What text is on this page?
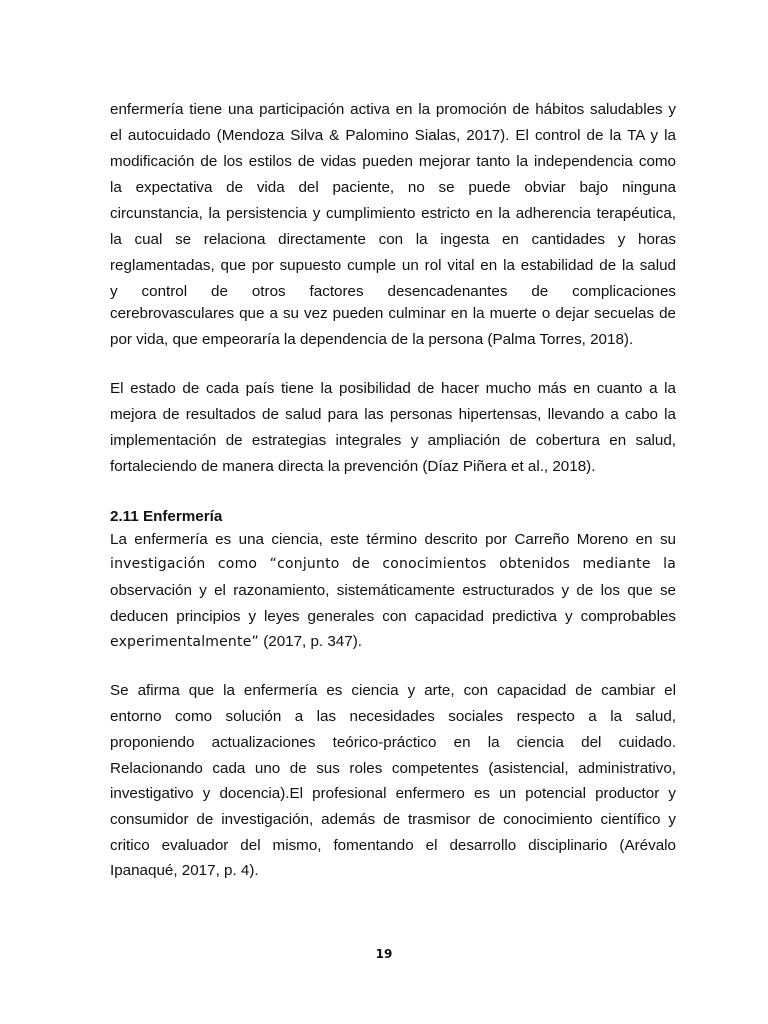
enfermería tiene una participación activa en la promoción de hábitos saludables y
el autocuidado (Mendoza Silva & Palomino Sialas, 2017). El control de la TA y la
modificación de los estilos de vidas pueden mejorar tanto la independencia como
la expectativa de vida del paciente, no se puede obviar bajo ninguna
circunstancia, la persistencia y cumplimiento estricto en la adherencia terapéutica,
la cual se relaciona directamente con la ingesta en cantidades y horas
reglamentadas, que por supuesto cumple un rol vital en la estabilidad de la salud
y control de otros factores desencadenantes de complicaciones
cerebrovasculares que a su vez pueden culminar en la muerte o dejar secuelas de
por vida, que empeoraría la dependencia de la persona (Palma Torres, 2018).
El estado de cada país tiene la posibilidad de hacer mucho más en cuanto a la
mejora de resultados de salud para las personas hipertensas, llevando a cabo la
implementación de estrategias integrales y ampliación de cobertura en salud,
fortaleciendo de manera directa la prevención (Díaz Piñera et al., 2018).
2.11 Enfermería
La enfermería es una ciencia, este término descrito por Carreño Moreno en su
investigación como “conjunto de conocimientos obtenidos mediante la
observación y el razonamiento, sistemáticamente estructurados y de los que se
deducen principios y leyes generales con capacidad predictiva y comprobables
experimentalmente” (2017, p. 347).
Se afirma que la enfermería es ciencia y arte, con capacidad de cambiar el
entorno como solución a las necesidades sociales respecto a la salud,
proponiendo actualizaciones teórico-práctico en la ciencia del cuidado.
Relacionando cada uno de sus roles competentes (asistencial, administrativo,
investigativo y docencia).El profesional enfermero es un potencial productor y
consumidor de investigación, además de trasmisor de conocimiento científico y
critico evaluador del mismo, fomentando el desarrollo disciplinario (Arévalo
Ipanaqué, 2017, p. 4).
19
